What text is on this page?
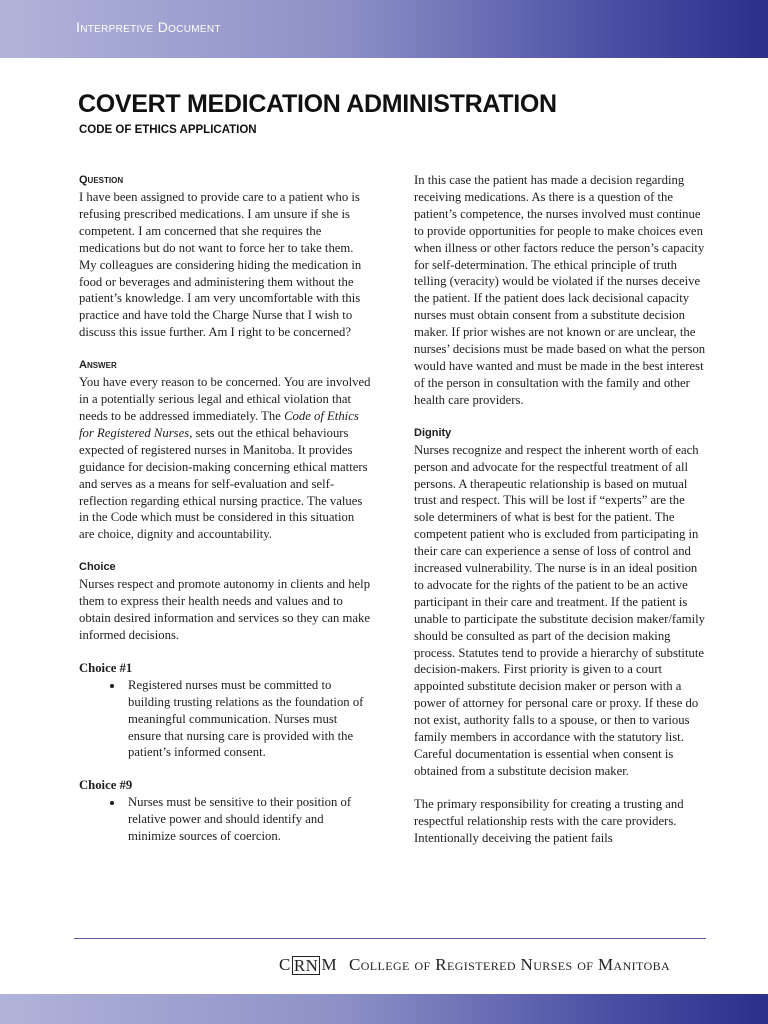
Interpretive Document
COVERT MEDICATION ADMINISTRATION
CODE OF ETHICS APPLICATION
Question

I have been assigned to provide care to a patient who is refusing prescribed medications. I am unsure if she is competent. I am concerned that she requires the medications but do not want to force her to take them. My colleagues are considering hiding the medication in food or beverages and administering them without the patient’s knowledge. I am very uncomfortable with this practice and have told the Charge Nurse that I wish to discuss this issue further. Am I right to be concerned?

Answer

You have every reason to be concerned. You are involved in a potentially serious legal and ethical violation that needs to be addressed immediately. The Code of Ethics for Registered Nurses, sets out the ethical behaviours expected of registered nurses in Manitoba. It provides guidance for decision-making concerning ethical matters and serves as a means for self-evaluation and self-reflection regarding ethical nursing practice. The values in the Code which must be considered in this situation are choice, dignity and accountability.

Choice

Nurses respect and promote autonomy in clients and help them to express their health needs and values and to obtain desired information and services so they can make informed decisions.

Choice #1
• Registered nurses must be committed to building trusting relations as the foundation of meaningful communication. Nurses must ensure that nursing care is provided with the patient’s informed consent.
Choice #9
• Nurses must be sensitive to their position of relative power and should identify and minimize sources of coercion.

In this case the patient has made a decision regarding receiving medications. As there is a question of the patient’s competence, the nurses involved must continue to provide opportunities for people to make choices even when illness or other factors reduce the person’s capacity for self-determination. The ethical principle of truth telling (veracity) would be violated if the nurses deceive the patient. If the patient does lack decisional capacity nurses must obtain consent from a substitute decision maker. If prior wishes are not known or are unclear, the nurses’ decisions must be made based on what the person would have wanted and must be made in the best interest of the person in consultation with the family and other health care providers.

Dignity

Nurses recognize and respect the inherent worth of each person and advocate for the respectful treatment of all persons. A therapeutic relationship is based on mutual trust and respect. This will be lost if “experts” are the sole determiners of what is best for the patient. The competent patient who is excluded from participating in their care can experience a sense of loss of control and increased vulnerability. The nurse is in an ideal position to advocate for the rights of the patient to be an active participant in their care and treatment. If the patient is unable to participate the substitute decision maker/family should be consulted as part of the decision making process. Statutes tend to provide a hierarchy of substitute decision-makers. First priority is given to a court appointed substitute decision maker or person with a power of attorney for personal care or proxy. If these do not exist, authority falls to a spouse, or then to various family members in accordance with the statutory list. Careful documentation is essential when consent is obtained from a substitute decision maker.

The primary responsibility for creating a trusting and respectful relationship rests with the care providers. Intentionally deceiving the patient fails

C RN M College of Registered Nurses of Manitoba
